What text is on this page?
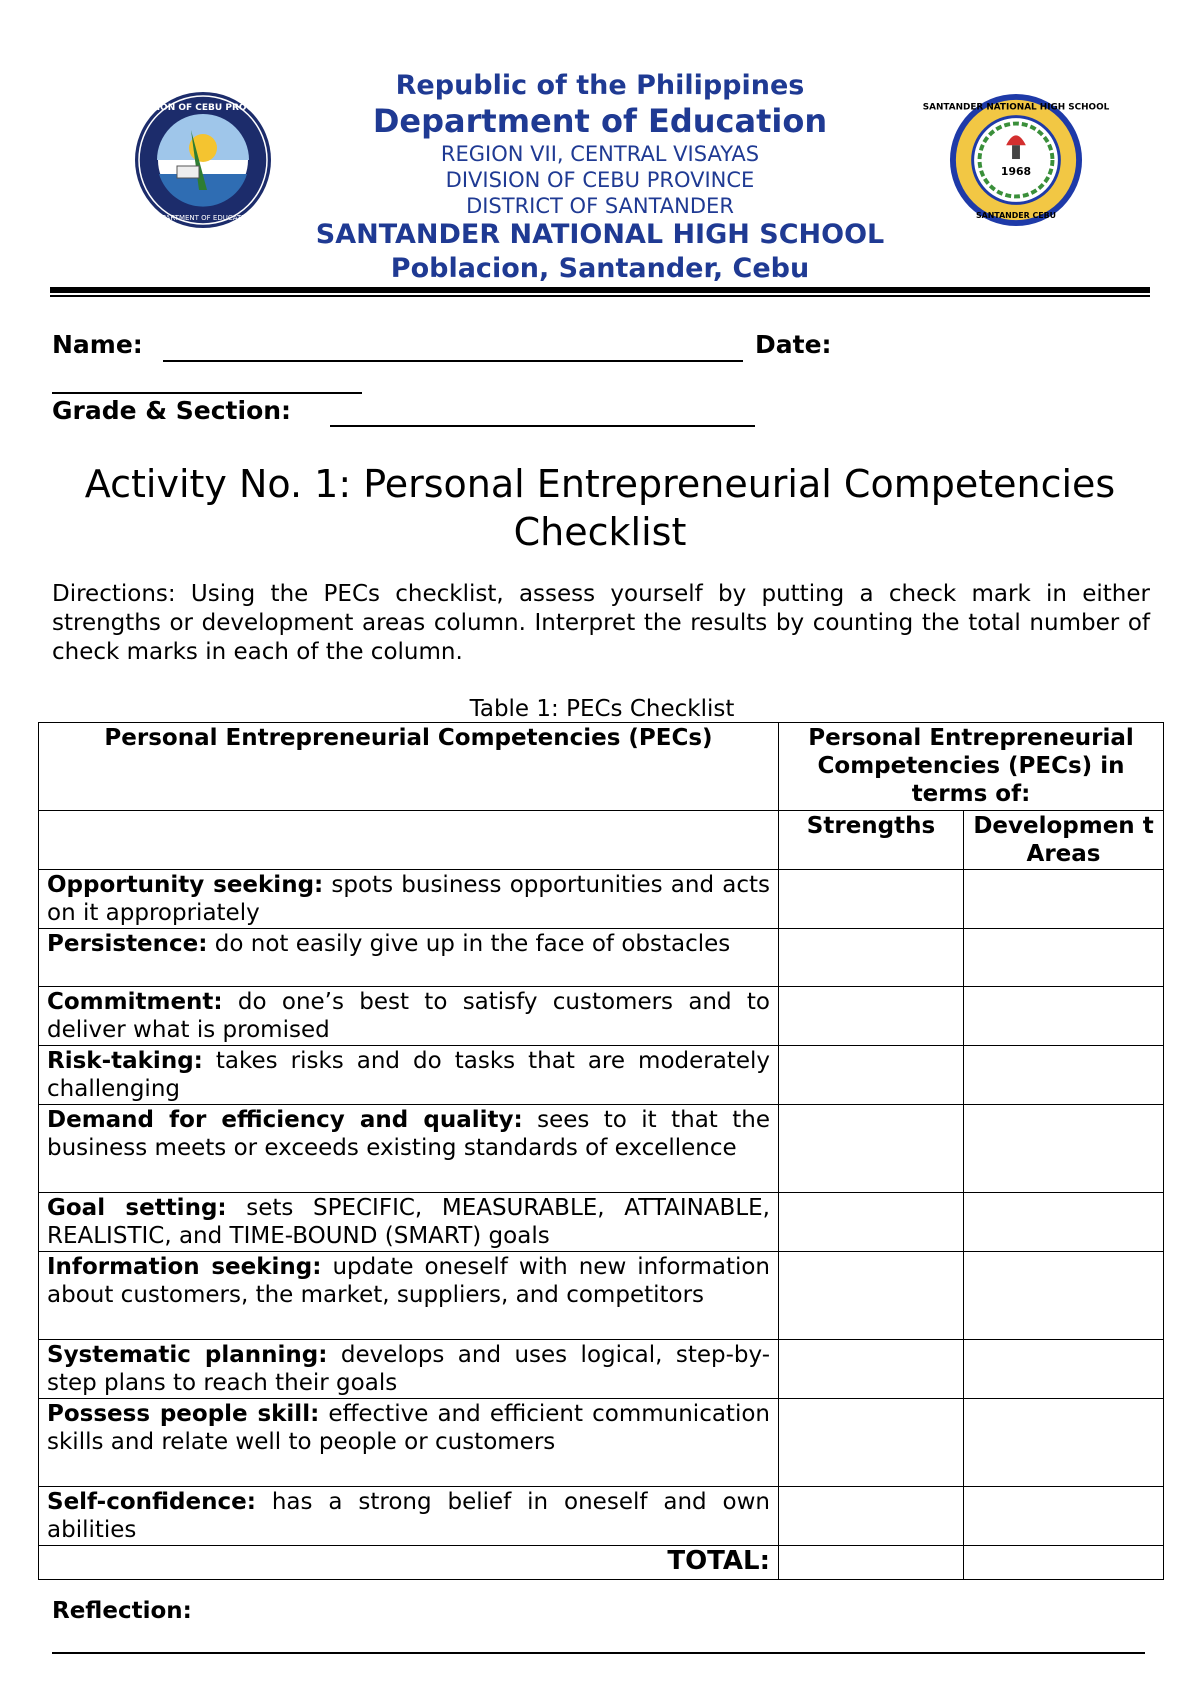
DIVISION OF CEBU PROVINCE
DEPARTMENT OF EDUCATION
Republic of the Philippines
Department of Education
REGION VII, CENTRAL VISAYAS
DIVISION OF CEBU PROVINCE
DISTRICT OF SANTANDER
SANTANDER NATIONAL HIGH SCHOOL
Poblacion, Santander, Cebu
1968
SANTANDER NATIONAL HIGH SCHOOL
SANTANDER CEBU
Name:	Date:
Grade & Section:
Activity No. 1: Personal Entrepreneurial Competencies Checklist
Directions: Using the PECs checklist, assess yourself by putting a check mark in either strengths or development areas column. Interpret the results by counting the total number of check marks in each of the column.
Table 1: PECs Checklist
Personal Entrepreneurial Competencies (PECs)	Personal Entrepreneurial Competencies (PECs) in terms of:	
	Strengths	Developmen t Areas
Opportunity seeking: spots business opportunities and acts on it appropriately		
Persistence: do not easily give up in the face of obstacles		
Commitment: do one’s best to satisfy customers and to deliver what is promised		
Risk-taking: takes risks and do tasks that are moderately challenging		
Demand for efficiency and quality: sees to it that the business meets or exceeds existing standards of excellence		
Goal setting: sets SPECIFIC, MEASURABLE, ATTAINABLE, REALISTIC, and TIME-BOUND (SMART) goals		
Information seeking: update oneself with new information about customers, the market, suppliers, and competitors		
Systematic planning: develops and uses logical, step-by-step plans to reach their goals		
Possess people skill: effective and efficient communication skills and relate well to people or customers		
Self-confidence: has a strong belief in oneself and own abilities		
TOTAL:		
Reflection:
